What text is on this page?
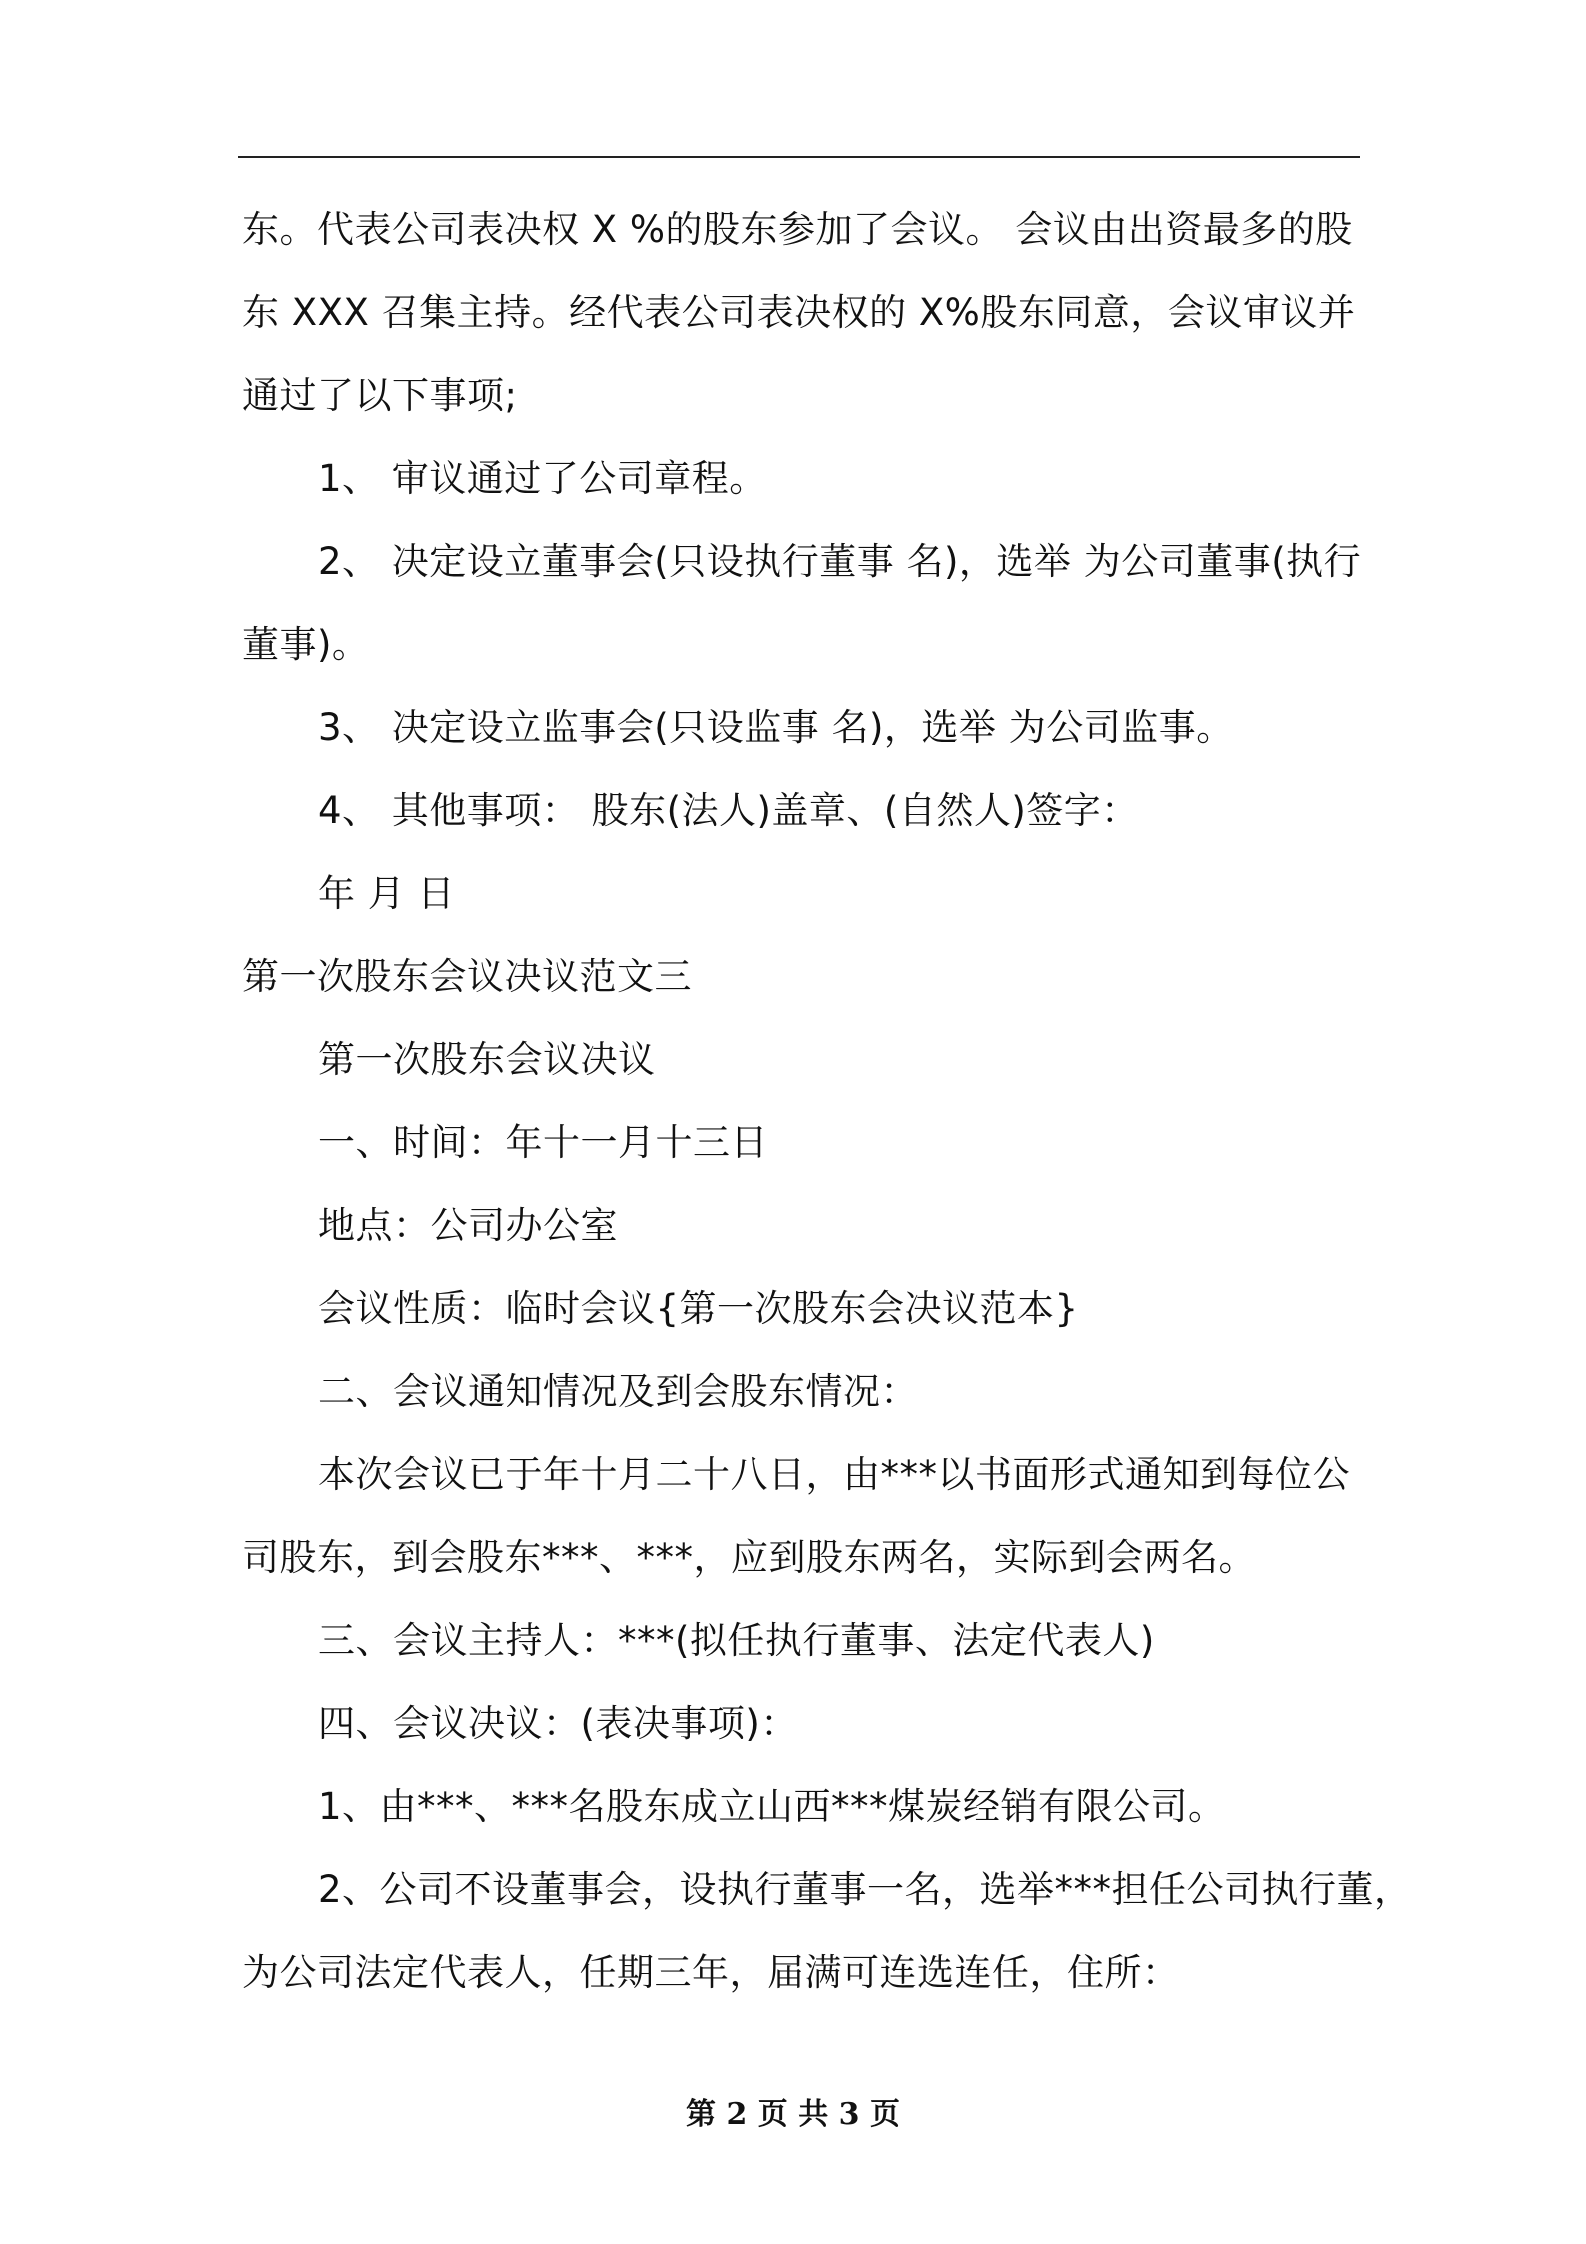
东。代表公司表决权 X %的股东参加了会议。 会议由出资最多的股
东 XXX 召集主持。经代表公司表决权的 X%股东同意，会议审议并
通过了以下事项;
1、 审议通过了公司章程。
2、 决定设立董事会(只设执行董事 名)，选举 为公司董事(执行
董事)。
3、 决定设立监事会(只设监事 名)，选举 为公司监事。
4、 其他事项： 股东(法人)盖章、(自然人)签字：
年 月 日
第一次股东会议决议范文三
第一次股东会议决议
一、时间：年十一月十三日
地点：公司办公室
会议性质：临时会议{第一次股东会决议范本}
二、会议通知情况及到会股东情况：
本次会议已于年十月二十八日，由***以书面形式通知到每位公
司股东，到会股东***、***，应到股东两名，实际到会两名。
三、会议主持人：***(拟任执行董事、法定代表人)
四、会议决议：(表决事项)：
1、由***、***名股东成立山西***煤炭经销有限公司。
2、公司不设董事会，设执行董事一名，选举***担任公司执行董，
为公司法定代表人，任期三年，届满可连选连任，住所：
第 2 页 共 3 页
